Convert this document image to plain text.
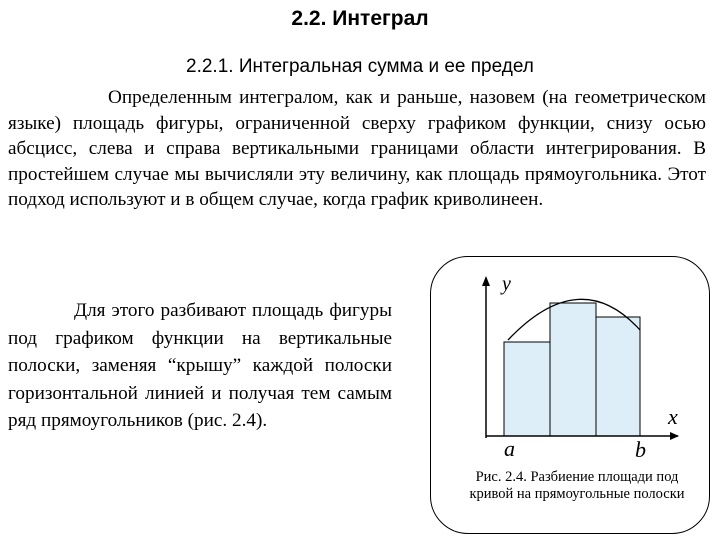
2.2. Интеграл
2.2.1. Интегральная сумма и ее предел
Определенным интегралом, как и раньше, назовем (на геометрическом языке) площадь фигуры, ограниченной сверху графиком функции, снизу осью абсцисс, слева и справа вертикальными границами области интегрирования. В простейшем случае мы вычисляли эту величину, как площадь прямоугольника. Этот подход используют и в общем случае, когда график криволинеен.
Для этого разбивают площадь фигуры под графиком функции на вертикальные полоски, заменяя “крышу” каждой полоски горизонтальной линией и получая тем самым ряд прямоугольников (рис. 2.4).
y
x
a	b
Рис. 2.4. Разбиение площади под кривой на прямоугольные полоски
